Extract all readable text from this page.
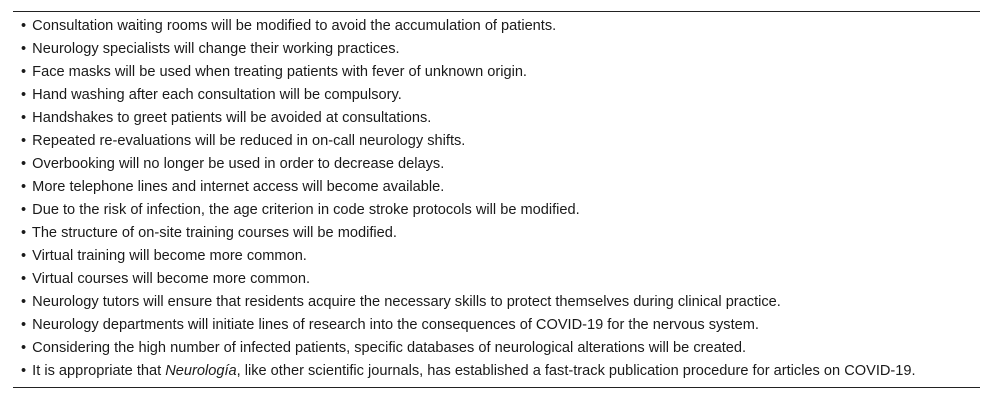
• Consultation waiting rooms will be modified to avoid the accumulation of patients.

• Neurology specialists will change their working practices.

• Face masks will be used when treating patients with fever of unknown origin.

• Hand washing after each consultation will be compulsory.

• Handshakes to greet patients will be avoided at consultations.

• Repeated re-evaluations will be reduced in on-call neurology shifts.

• Overbooking will no longer be used in order to decrease delays.

• More telephone lines and internet access will become available.

• Due to the risk of infection, the age criterion in code stroke protocols will be modified.

• The structure of on-site training courses will be modified.

• Virtual training will become more common.

• Virtual courses will become more common.

• Neurology tutors will ensure that residents acquire the necessary skills to protect themselves during clinical practice.

• Neurology departments will initiate lines of research into the consequences of COVID-19 for the nervous system.

• Considering the high number of infected patients, specific databases of neurological alterations will be created.

• It is appropriate that Neurología, like other scientific journals, has established a fast-track publication procedure for articles on COVID-19.
